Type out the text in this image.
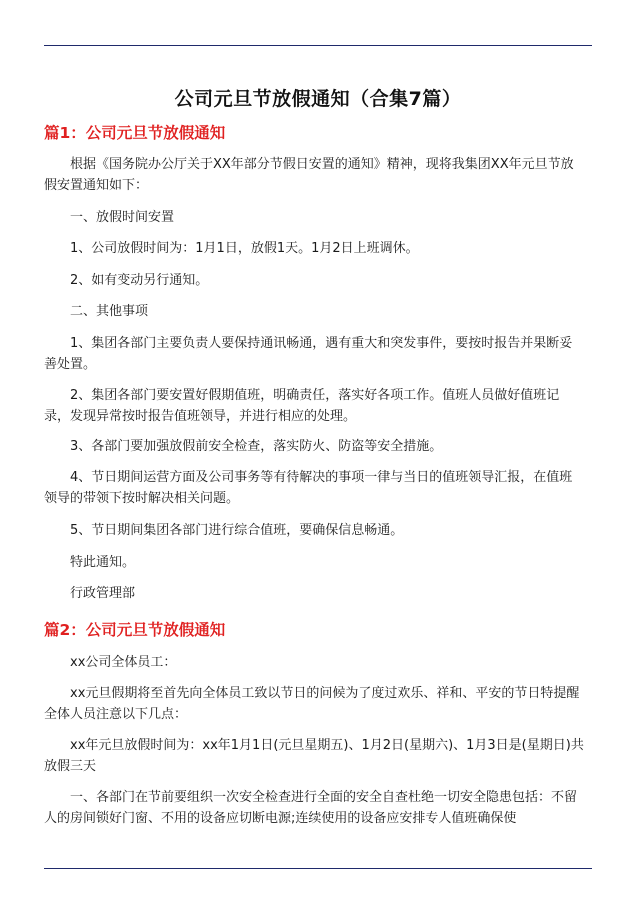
公司元旦节放假通知（合集7篇）
篇1：公司元旦节放假通知
根据《国务院办公厅关于XX年部分节假日安置的通知》精神，现将我集团XX年元旦节放假安置通知如下：
一、放假时间安置
1、公司放假时间为：1月1日，放假1天。1月2日上班调休。
2、如有变动另行通知。
二、其他事项
1、集团各部门主要负责人要保持通讯畅通，遇有重大和突发事件，要按时报告并果断妥善处置。
2、集团各部门要安置好假期值班，明确责任，落实好各项工作。值班人员做好值班记录，发现异常按时报告值班领导，并进行相应的处理。
3、各部门要加强放假前安全检查，落实防火、防盗等安全措施。
4、节日期间运营方面及公司事务等有待解决的事项一律与当日的值班领导汇报，在值班领导的带领下按时解决相关问题。
5、节日期间集团各部门进行综合值班，要确保信息畅通。
特此通知。
行政管理部
篇2：公司元旦节放假通知
xx公司全体员工：
xx元旦假期将至首先向全体员工致以节日的问候为了度过欢乐、祥和、平安的节日特提醒全体人员注意以下几点：
xx年元旦放假时间为：xx年1月1日(元旦星期五)、1月2日(星期六)、1月3日是(星期日)共放假三天
一、各部门在节前要组织一次安全检查进行全面的安全自查杜绝一切安全隐患包括：不留人的房间锁好门窗、不用的设备应切断电源;连续使用的设备应安排专人值班确保使
